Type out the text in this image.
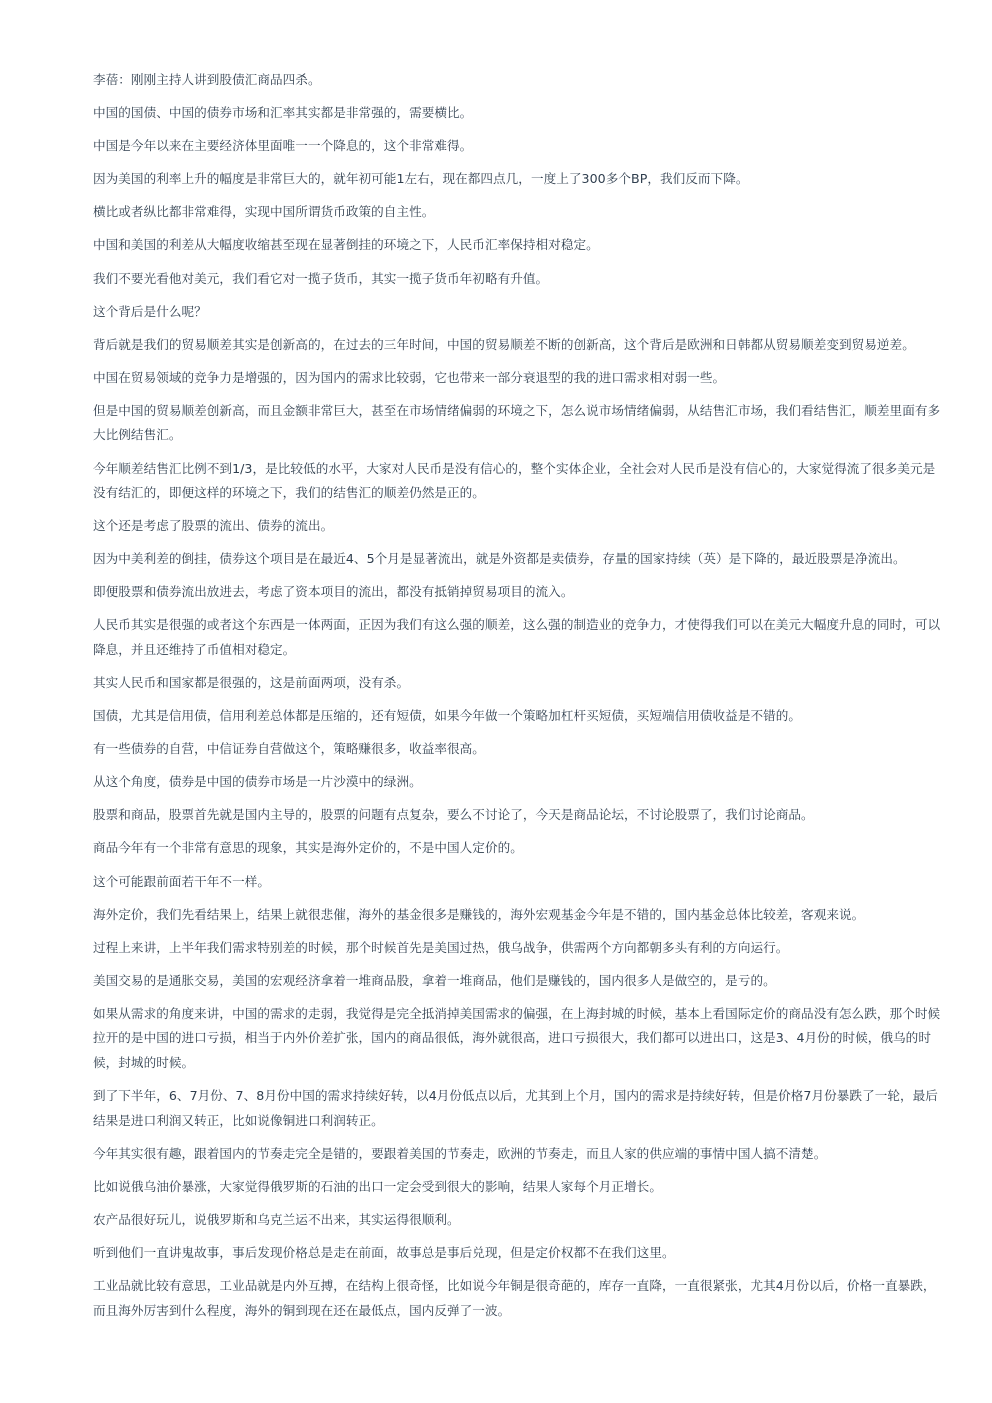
李蓓：刚刚主持人讲到股债汇商品四杀。

中国的国债、中国的债券市场和汇率其实都是非常强的，需要横比。

中国是今年以来在主要经济体里面唯一一个降息的，这个非常难得。

因为美国的利率上升的幅度是非常巨大的，就年初可能1左右，现在都四点几，一度上了300多个BP，我们反而下降。

横比或者纵比都非常难得，实现中国所谓货币政策的自主性。

中国和美国的利差从大幅度收缩甚至现在显著倒挂的环境之下，人民币汇率保持相对稳定。

我们不要光看他对美元，我们看它对一揽子货币，其实一揽子货币年初略有升值。

这个背后是什么呢？

背后就是我们的贸易顺差其实是创新高的，在过去的三年时间，中国的贸易顺差不断的创新高，这个背后是欧洲和日韩都从贸易顺差变到贸易逆差。

中国在贸易领域的竞争力是增强的，因为国内的需求比较弱，它也带来一部分衰退型的我的进口需求相对弱一些。

但是中国的贸易顺差创新高，而且金额非常巨大，甚至在市场情绪偏弱的环境之下，怎么说市场情绪偏弱，从结售汇市场，我们看结售汇，顺差里面有多大比例结售汇。

今年顺差结售汇比例不到1/3，是比较低的水平，大家对人民币是没有信心的，整个实体企业，全社会对人民币是没有信心的，大家觉得流了很多美元是没有结汇的，即便这样的环境之下，我们的结售汇的顺差仍然是正的。

这个还是考虑了股票的流出、债券的流出。

因为中美利差的倒挂，债券这个项目是在最近4、5个月是显著流出，就是外资都是卖债券，存量的国家持续（英）是下降的，最近股票是净流出。

即便股票和债券流出放进去，考虑了资本项目的流出，都没有抵销掉贸易项目的流入。

人民币其实是很强的或者这个东西是一体两面，正因为我们有这么强的顺差，这么强的制造业的竞争力，才使得我们可以在美元大幅度升息的同时，可以降息，并且还维持了币值相对稳定。

其实人民币和国家都是很强的，这是前面两项，没有杀。

国债，尤其是信用债，信用利差总体都是压缩的，还有短债，如果今年做一个策略加杠杆买短债，买短端信用债收益是不错的。

有一些债券的自营，中信证券自营做这个，策略赚很多，收益率很高。

从这个角度，债券是中国的债券市场是一片沙漠中的绿洲。

股票和商品，股票首先就是国内主导的，股票的问题有点复杂，要么不讨论了，今天是商品论坛，不讨论股票了，我们讨论商品。

商品今年有一个非常有意思的现象，其实是海外定价的，不是中国人定价的。

这个可能跟前面若干年不一样。

海外定价，我们先看结果上，结果上就很悲催，海外的基金很多是赚钱的，海外宏观基金今年是不错的，国内基金总体比较差，客观来说。

过程上来讲，上半年我们需求特别差的时候，那个时候首先是美国过热，俄乌战争，供需两个方向都朝多头有利的方向运行。

美国交易的是通胀交易，美国的宏观经济拿着一堆商品股，拿着一堆商品，他们是赚钱的，国内很多人是做空的，是亏的。

如果从需求的角度来讲，中国的需求的走弱，我觉得是完全抵消掉美国需求的偏强，在上海封城的时候，基本上看国际定价的商品没有怎么跌，那个时候拉开的是中国的进口亏损，相当于内外价差扩张，国内的商品很低，海外就很高，进口亏损很大，我们都可以进出口，这是3、4月份的时候，俄乌的时候，封城的时候。

到了下半年，6、7月份、7、8月份中国的需求持续好转，以4月份低点以后，尤其到上个月，国内的需求是持续好转，但是价格7月份暴跌了一轮，最后结果是进口利润又转正，比如说像铜进口利润转正。

今年其实很有趣，跟着国内的节奏走完全是错的，要跟着美国的节奏走，欧洲的节奏走，而且人家的供应端的事情中国人搞不清楚。

比如说俄乌油价暴涨，大家觉得俄罗斯的石油的出口一定会受到很大的影响，结果人家每个月正增长。

农产品很好玩儿，说俄罗斯和乌克兰运不出来，其实运得很顺利。

听到他们一直讲鬼故事，事后发现价格总是走在前面，故事总是事后兑现，但是定价权都不在我们这里。

工业品就比较有意思，工业品就是内外互搏，在结构上很奇怪，比如说今年铜是很奇葩的，库存一直降，一直很紧张，尤其4月份以后，价格一直暴跌，而且海外厉害到什么程度，海外的铜到现在还在最低点，国内反弹了一波。
